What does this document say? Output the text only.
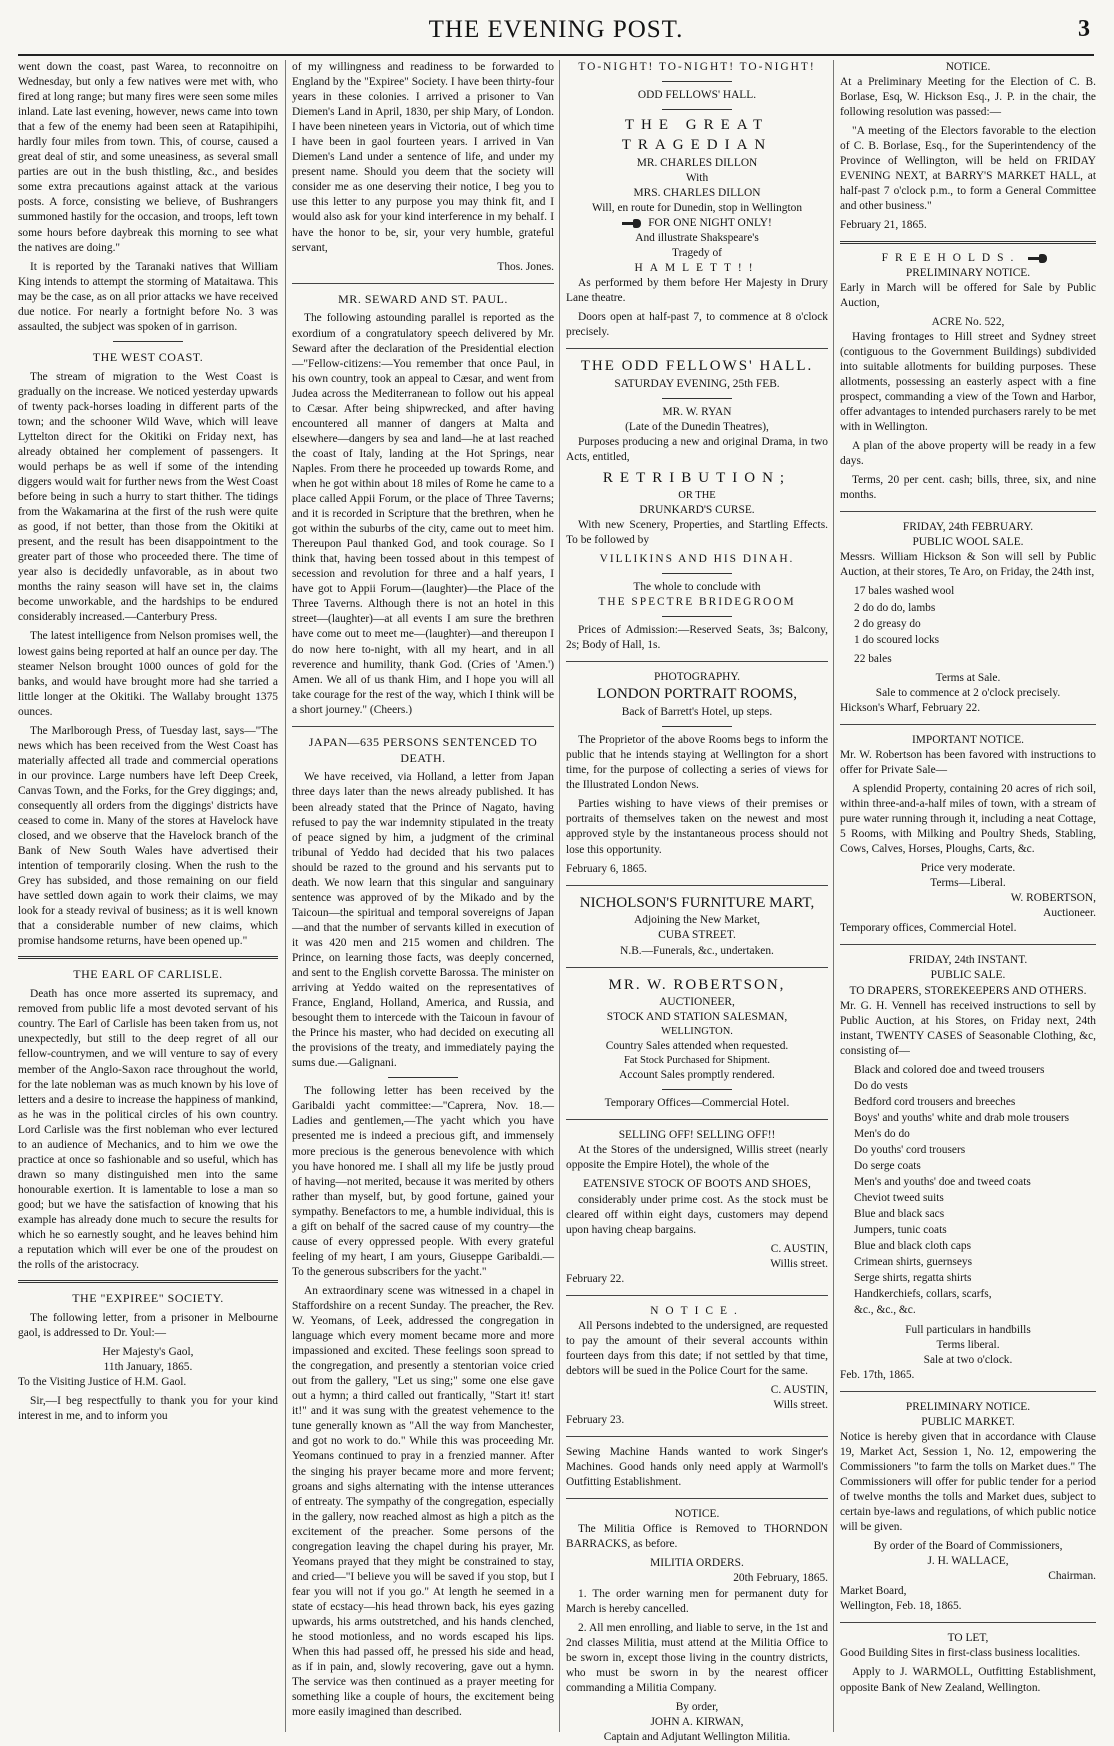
THE EVENING POST.	3

went down the coast, past Warea, to reconnoitre on Wednesday, but only a few natives were met with, who fired at long range; but many fires were seen some miles inland. Late last evening, however, news came into town that a few of the enemy had been seen at Ratapihipihi, hardly four miles from town. This, of course, caused a great deal of stir, and some uneasiness, as several small parties are out in the bush thistling, &c., and besides some extra precautions against attack at the various posts. A force, consisting we believe, of Bushrangers summoned hastily for the occasion, and troops, left town some hours before daybreak this morning to see what the natives are doing."

It is reported by the Taranaki natives that William King intends to attempt the storming of Mataitawa. This may be the case, as on all prior attacks we have received due notice. For nearly a fortnight before No. 3 was assaulted, the subject was spoken of in garrison.

THE WEST COAST.

The stream of migration to the West Coast is gradually on the increase. We noticed yesterday upwards of twenty pack-horses loading in different parts of the town; and the schooner Wild Wave, which will leave Lyttelton direct for the Okitiki on Friday next, has already obtained her complement of passengers. It would perhaps be as well if some of the intending diggers would wait for further news from the West Coast before being in such a hurry to start thither. The tidings from the Wakamarina at the first of the rush were quite as good, if not better, than those from the Okitiki at present, and the result has been disappointment to the greater part of those who proceeded there. The time of year also is decidedly unfavorable, as in about two months the rainy season will have set in, the claims become unworkable, and the hardships to be endured considerably increased.—Canterbury Press.

The latest intelligence from Nelson promises well, the lowest gains being reported at half an ounce per day. The steamer Nelson brought 1000 ounces of gold for the banks, and would have brought more had she tarried a little longer at the Okitiki. The Wallaby brought 1375 ounces.

The Marlborough Press, of Tuesday last, says—"The news which has been received from the West Coast has materially affected all trade and commercial operations in our province. Large numbers have left Deep Creek, Canvas Town, and the Forks, for the Grey diggings; and, consequently all orders from the diggings' districts have ceased to come in. Many of the stores at Havelock have closed, and we observe that the Havelock branch of the Bank of New South Wales have advertised their intention of temporarily closing. When the rush to the Grey has subsided, and those remaining on our field have settled down again to work their claims, we may look for a steady revival of business; as it is well known that a considerable number of new claims, which promise handsome returns, have been opened up."

THE EARL OF CARLISLE.

Death has once more asserted its supremacy, and removed from public life a most devoted servant of his country. The Earl of Carlisle has been taken from us, not unexpectedly, but still to the deep regret of all our fellow-countrymen, and we will venture to say of every member of the Anglo-Saxon race throughout the world, for the late nobleman was as much known by his love of letters and a desire to increase the happiness of mankind, as he was in the political circles of his own country. Lord Carlisle was the first nobleman who ever lectured to an audience of Mechanics, and to him we owe the practice at once so fashionable and so useful, which has drawn so many distinguished men into the same honourable exertion. It is lamentable to lose a man so good; but we have the satisfaction of knowing that his example has already done much to secure the results for which he so earnestly sought, and he leaves behind him a reputation which will ever be one of the proudest on the rolls of the aristocracy.

THE "EXPIREE" SOCIETY.

The following letter, from a prisoner in Melbourne gaol, is addressed to Dr. Youl:—

Her Majesty's Gaol,
11th January, 1865.

To the Visiting Justice of H.M. Gaol.

Sir,—I beg respectfully to thank you for your kind interest in me, and to inform you

of my willingness and readiness to be forwarded to England by the "Expiree" Society. I have been thirty-four years in these colonies. I arrived a prisoner to Van Diemen's Land in April, 1830, per ship Mary, of London. I have been nineteen years in Victoria, out of which time I have been in gaol fourteen years. I arrived in Van Diemen's Land under a sentence of life, and under my present name. Should you deem that the society will consider me as one deserving their notice, I beg you to use this letter to any purpose you may think fit, and I would also ask for your kind interference in my behalf. I have the honor to be, sir, your very humble, grateful servant,

Thos. Jones.
MR. SEWARD AND ST. PAUL.

The following astounding parallel is reported as the exordium of a congratulatory speech delivered by Mr. Seward after the declaration of the Presidential election—"Fellow-citizens:—You remember that once Paul, in his own country, took an appeal to Cæsar, and went from Judea across the Mediterranean to follow out his appeal to Cæsar. After being shipwrecked, and after having encountered all manner of dangers at Malta and elsewhere—dangers by sea and land—he at last reached the coast of Italy, landing at the Hot Springs, near Naples. From there he proceeded up towards Rome, and when he got within about 18 miles of Rome he came to a place called Appii Forum, or the place of Three Taverns; and it is recorded in Scripture that the brethren, when he got within the suburbs of the city, came out to meet him. Thereupon Paul thanked God, and took courage. So I think that, having been tossed about in this tempest of secession and revolution for three and a half years, I have got to Appii Forum—(laughter)—the Place of the Three Taverns. Although there is not an hotel in this street—(laughter)—at all events I am sure the brethren have come out to meet me—(laughter)—and thereupon I do now here to-night, with all my heart, and in all reverence and humility, thank God. (Cries of 'Amen.') Amen. We all of us thank Him, and I hope you will all take courage for the rest of the way, which I think will be a short journey." (Cheers.)

JAPAN—635 PERSONS SENTENCED TO DEATH.

We have received, via Holland, a letter from Japan three days later than the news already published. It has been already stated that the Prince of Nagato, having refused to pay the war indemnity stipulated in the treaty of peace signed by him, a judgment of the criminal tribunal of Yeddo had decided that his two palaces should be razed to the ground and his servants put to death. We now learn that this singular and sanguinary sentence was approved of by the Mikado and by the Taicoun—the spiritual and temporal sovereigns of Japan—and that the number of servants killed in execution of it was 420 men and 215 women and children. The Prince, on learning those facts, was deeply concerned, and sent to the English corvette Barossa. The minister on arriving at Yeddo waited on the representatives of France, England, Holland, America, and Russia, and besought them to intercede with the Taicoun in favour of the Prince his master, who had decided on executing all the provisions of the treaty, and immediately paying the sums due.—Galignani.

The following letter has been received by the Garibaldi yacht committee:—"Caprera, Nov. 18.—Ladies and gentlemen,—The yacht which you have presented me is indeed a precious gift, and immensely more precious is the generous benevolence with which you have honored me. I shall all my life be justly proud of having—not merited, because it was merited by others rather than myself, but, by good fortune, gained your sympathy. Benefactors to me, a humble individual, this is a gift on behalf of the sacred cause of my country—the cause of every oppressed people. With every grateful feeling of my heart, I am yours, Giuseppe Garibaldi.—To the generous subscribers for the yacht."

An extraordinary scene was witnessed in a chapel in Staffordshire on a recent Sunday. The preacher, the Rev. W. Yeomans, of Leek, addressed the congregation in language which every moment became more and more impassioned and excited. These feelings soon spread to the congregation, and presently a stentorian voice cried out from the gallery, "Let us sing;" some one else gave out a hymn; a third called out frantically, "Start it! start it!" and it was sung with the greatest vehemence to the tune generally known as "All the way from Manchester, and got no work to do." While this was proceeding Mr. Yeomans continued to pray in a frenzied manner. After the singing his prayer became more and more fervent; groans and sighs alternating with the intense utterances of entreaty. The sympathy of the congregation, especially in the gallery, now reached almost as high a pitch as the excitement of the preacher. Some persons of the congregation leaving the chapel during his prayer, Mr. Yeomans prayed that they might be constrained to stay, and cried—"I believe you will be saved if you stop, but I fear you will not if you go." At length he seemed in a state of ecstacy—his head thrown back, his eyes gazing upwards, his arms outstretched, and his hands clenched, he stood motionless, and no words escaped his lips. When this had passed off, he pressed his side and head, as if in pain, and, slowly recovering, gave out a hymn. The service was then continued as a prayer meeting for something like a couple of hours, the excitement being more easily imagined than described.

TO-NIGHT! TO-NIGHT! TO-NIGHT!
ODD FELLOWS' HALL.
THE GREAT TRAGEDIAN
MR. CHARLES DILLON
With
MRS. CHARLES DILLON
Will, en route for Dunedin, stop in Wellington
FOR ONE NIGHT ONLY!
And illustrate Shakspeare's
Tragedy of
HAMLETT!!

As performed by them before Her Majesty in Drury Lane theatre.

Doors open at half-past 7, to commence at 8 o'clock precisely.

THE ODD FELLOWS' HALL.
SATURDAY EVENING, 25th FEB.
MR. W. RYAN
(Late of the Dunedin Theatres),

Purposes producing a new and original Drama, in two Acts, entitled,

RETRIBUTION;
OR THE
DRUNKARD'S CURSE.

With new Scenery, Properties, and Startling Effects. To be followed by

VILLIKINS AND HIS DINAH.
The whole to conclude with
THE SPECTRE BRIDEGROOM

Prices of Admission:—Reserved Seats, 3s; Balcony, 2s; Body of Hall, 1s.

PHOTOGRAPHY.
LONDON PORTRAIT ROOMS,
Back of Barrett's Hotel, up steps.

The Proprietor of the above Rooms begs to inform the public that he intends staying at Wellington for a short time, for the purpose of collecting a series of views for the Illustrated London News.

Parties wishing to have views of their premises or portraits of themselves taken on the newest and most approved style by the instantaneous process should not lose this opportunity.

February 6, 1865.
NICHOLSON'S FURNITURE MART,
Adjoining the New Market,
CUBA STREET.
N.B.—Funerals, &c., undertaken.
MR. W. ROBERTSON,
AUCTIONEER,
STOCK AND STATION SALESMAN,
WELLINGTON.
Country Sales attended when requested.
Fat Stock Purchased for Shipment.
Account Sales promptly rendered.
Temporary Offices—Commercial Hotel.
SELLING OFF! SELLING OFF!!

At the Stores of the undersigned, Willis street (nearly opposite the Empire Hotel), the whole of the

EATENSIVE STOCK OF BOOTS AND SHOES,

considerably under prime cost. As the stock must be cleared off within eight days, customers may depend upon having cheap bargains.

C. AUSTIN,
Willis street.
February 22.
NOTICE.

All Persons indebted to the undersigned, are requested to pay the amount of their several accounts within fourteen days from this date; if not settled by that time, debtors will be sued in the Police Court for the same.

C. AUSTIN,
Wills street.
February 23.

Sewing Machine Hands wanted to work Singer's Machines. Good hands only need apply at Warmoll's Outfitting Establishment.

NOTICE.

The Militia Office is Removed to THORNDON BARRACKS, as before.

MILITIA ORDERS.
20th February, 1865.

1. The order warning men for permanent duty for March is hereby cancelled.

2. All men enrolling, and liable to serve, in the 1st and 2nd classes Militia, must attend at the Militia Office to be sworn in, except those living in the country districts, who must be sworn in by the nearest officer commanding a Militia Company.

By order,
JOHN A. KIRWAN,
Captain and Adjutant Wellington Militia.
NOTICE.

At a Preliminary Meeting for the Election of C. B. Borlase, Esq, W. Hickson Esq., J. P. in the chair, the following resolution was passed:—

"A meeting of the Electors favorable to the election of C. B. Borlase, Esq., for the Superintendency of the Province of Wellington, will be held on FRIDAY EVENING NEXT, at BARRY'S MARKET HALL, at half-past 7 o'clock p.m., to form a General Committee and other business."

February 21, 1865.
FREEHOLDS.
PRELIMINARY NOTICE.

Early in March will be offered for Sale by Public Auction,

ACRE No. 522,

Having frontages to Hill street and Sydney street (contiguous to the Government Buildings) subdivided into suitable allotments for building purposes. These allotments, possessing an easterly aspect with a fine prospect, commanding a view of the Town and Harbor, offer advantages to intended purchasers rarely to be met with in Wellington.

A plan of the above property will be ready in a few days.

Terms, 20 per cent. cash; bills, three, six, and nine months.

FRIDAY, 24th FEBRUARY.
PUBLIC WOOL SALE.

Messrs. William Hickson & Son will sell by Public Auction, at their stores, Te Aro, on Friday, the 24th inst,

17 bales washed wool
2 do do do, lambs
2 do greasy do
1 do scoured locks
22 bales
Terms at Sale.
Sale to commence at 2 o'clock precisely.
Hickson's Wharf, February 22.
IMPORTANT NOTICE.

Mr. W. Robertson has been favored with instructions to offer for Private Sale—

A splendid Property, containing 20 acres of rich soil, within three-and-a-half miles of town, with a stream of pure water running through it, including a neat Cottage, 5 Rooms, with Milking and Poultry Sheds, Stabling, Cows, Calves, Horses, Ploughs, Carts, &c.

Price very moderate.
Terms—Liberal.
W. ROBERTSON,
Auctioneer.
Temporary offices, Commercial Hotel.
FRIDAY, 24th INSTANT.
PUBLIC SALE.
TO DRAPERS, STOREKEEPERS AND OTHERS.

Mr. G. H. Vennell has received instructions to sell by Public Auction, at his Stores, on Friday next, 24th instant, TWENTY CASES of Seasonable Clothing, &c, consisting of—

Black and colored doe and tweed trousers
Do do vests
Bedford cord trousers and breeches
Boys' and youths' white and drab mole trousers
Men's do do
Do youths' cord trousers
Do serge coats
Men's and youths' doe and tweed coats
Cheviot tweed suits
Blue and black sacs
Jumpers, tunic coats
Blue and black cloth caps
Crimean shirts, guernseys
Serge shirts, regatta shirts
Handkerchiefs, collars, scarfs,
&c., &c., &c.
Full particulars in handbills
Terms liberal.
Sale at two o'clock.
Feb. 17th, 1865.
PRELIMINARY NOTICE.
PUBLIC MARKET.

Notice is hereby given that in accordance with Clause 19, Market Act, Session 1, No. 12, empowering the Commissioners "to farm the tolls on Market dues." The Commissioners will offer for public tender for a period of twelve months the tolls and Market dues, subject to certain bye-laws and regulations, of which public notice will be given.

By order of the Board of Commissioners,
J. H. WALLACE,
Chairman.
Market Board,
Wellington, Feb. 18, 1865.
TO LET,

Good Building Sites in first-class business localities.

Apply to J. WARMOLL, Outfitting Establishment, opposite Bank of New Zealand, Wellington.
